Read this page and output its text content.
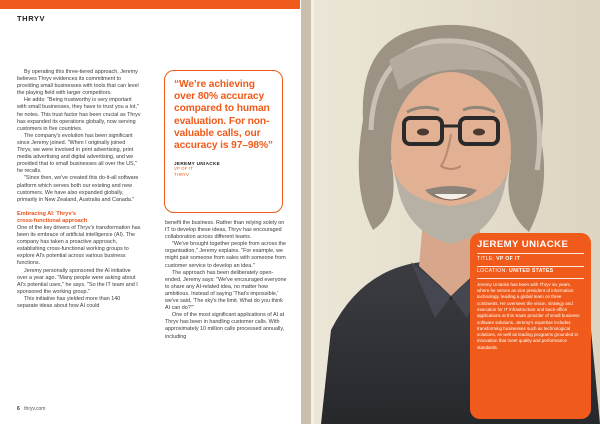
THRYV

By operating this three-tiered approach, Jeremy believes Thryv evidences its commitment to providing small businesses with tools that can level the playing field with larger competitors.

He adds: "Being trustworthy is very important with small businesses, they have to trust you a lot," he notes. This trust factor has been crucial as Thryv has expanded its operations globally, now serving customers in five countries.

The company's evolution has been significant since Jeremy joined. "When I originally joined Thryv, we were involved in print advertising, print media advertising and digital advertising, and we provided that to small businesses all over the US," he recalls.

"Since then, we've created this do-it-all software platform which serves both our existing and new customers. We have also expanded globally, primarily in New Zealand, Australia and Canada."

Embracing AI: Thryv's
cross-functional approach

One of the key drivers of Thryv's transformation has been its embrace of artificial intelligence (AI). The company has taken a proactive approach, establishing cross-functional working groups to explore AI's potential across various business functions.

Jeremy personally sponsored the AI initiative over a year ago. "Many people were asking about AI's potential uses," he says. "So the IT team and I sponsored the working group."

This initiative has yielded more than 140 separate ideas about how AI could

“We’re achieving over 80% accuracy compared to human evaluation. For non-valuable calls, our accuracy is 97–98%”
JEREMY UNIACKE
VP OF IT
THRYV

benefit the business. Rather than relying solely on IT to develop these ideas, Thryv has encouraged collaboration across different teams.

"We've brought together people from across the organisation," Jeremy explains. "For example, we might pair someone from sales with someone from customer service to develop an idea."

The approach has been deliberately open-ended, Jeremy says: "We've encouraged everyone to share any AI-related idea, no matter how ambitious. Instead of saying 'That's impossible,' we've said, 'The sky's the limit. What do you think AI can do?'"

One of the most significant applications of AI at Thryv has been in handling customer calls. With approximately 10 million calls processed annually, including

6 thryv.com
JEREMY UNIACKE
TITLE: VP OF IT
LOCATION: UNITED STATES
Jeremy Uniacke has been with Thryv six years, where he serves as vice president of information technology, leading a global team on three continents. He oversees the vision, strategy and execution for IT infrastructure and back-office applications at this SaaS provider of small business software solutions. Jeremy's expertise includes transforming businesses such as technological solutions, as well as leading programs grounded in innovation that meet quality and performance standards.
